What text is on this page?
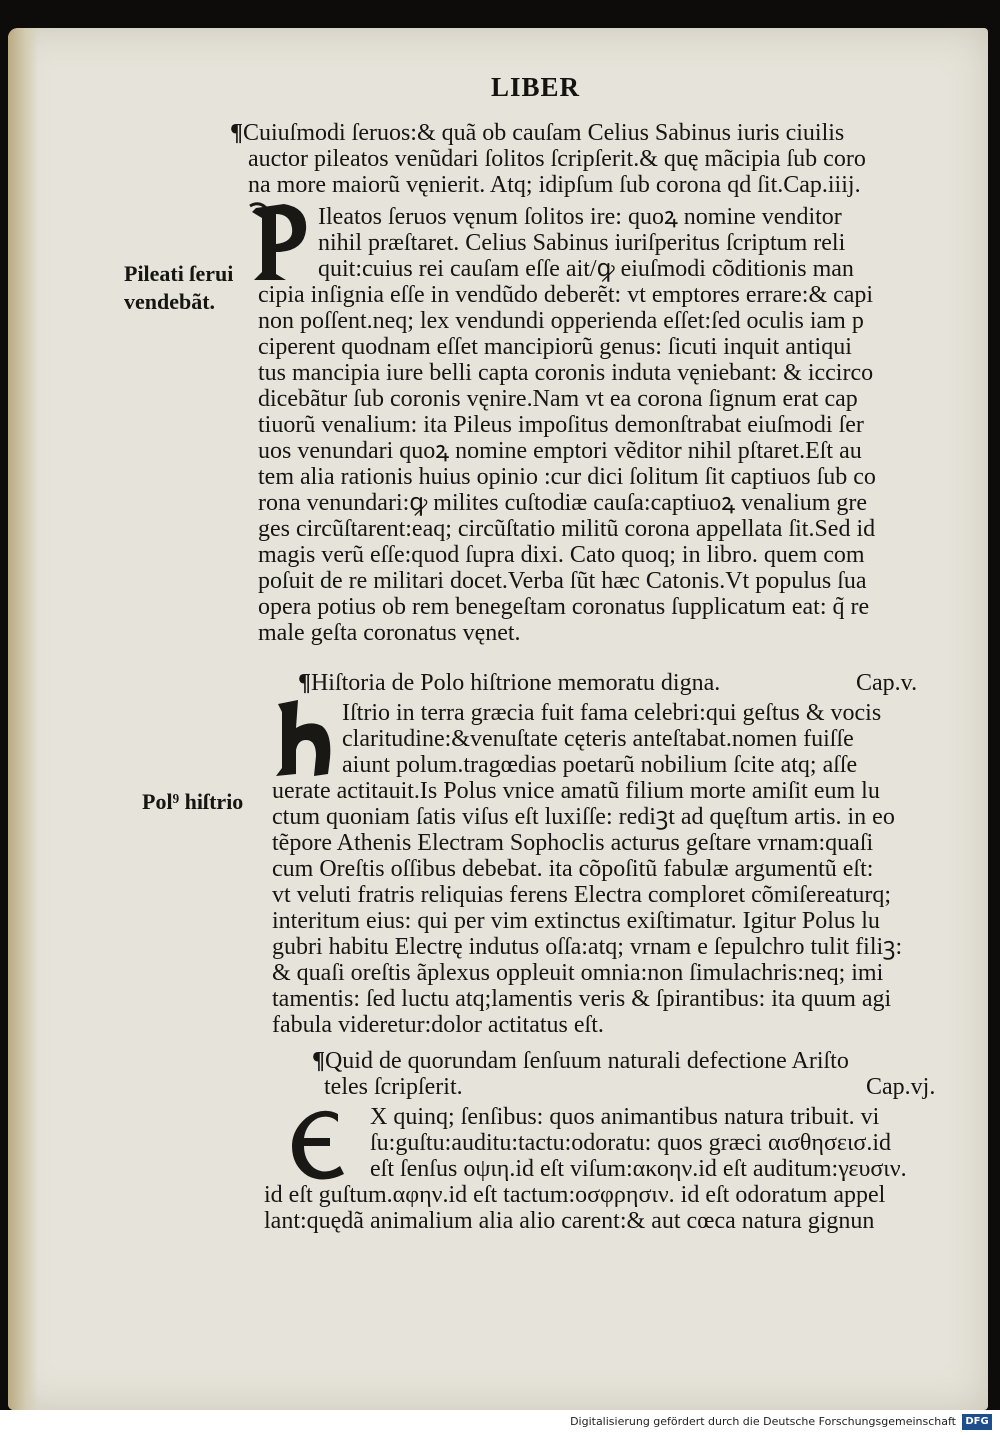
LIBER
¶Cuiuſmodi ſeruos:& quã ob cauſam Celius Sabinus iuris ciuilis
auctor pileatos venũdari ſolitos ſcripſerit.& quę mãcipia ſub coro
na more maiorũ vęnierit. Atq; idipſum ſub corona qd ſit.Cap.iiij.
Ileatos ſeruos vęnum ſolitos ire: quoꝝ nomine venditor
nihil præſtaret. Celius Sabinus iuriſperitus ſcriptum reli
quit:cuius rei cauſam eſſe ait/ꝙ eiuſmodi cõditionis man
cipia inſignia eſſe in vendũdo deberẽt: vt emptores errare:& capi
non poſſent.neq; lex vendundi opperienda eſſet:ſed oculis iam p
ciperent quodnam eſſet mancipiorũ genus: ſicuti inquit antiqui
tus mancipia iure belli capta coronis induta vęniebant: & iccirco
dicebãtur ſub coronis vęnire.Nam vt ea corona ſignum erat cap
tiuorũ venalium: ita Pileus impoſitus demonſtrabat eiuſmodi ſer
uos venundari quoꝝ nomine emptori vẽditor nihil pſtaret.Eſt au
tem alia rationis huius opinio :cur dici ſolitum ſit captiuos ſub co
rona venundari:ꝙ milites cuſtodiæ cauſa:captiuoꝝ venalium gre
ges circũſtarent:eaq; circũſtatio militũ corona appellata ſit.Sed id
magis verũ eſſe:quod ſupra dixi. Cato quoq; in libro. quem com
poſuit de re militari docet.Verba ſũt hæc Catonis.Vt populus ſua
opera potius ob rem benegeſtam coronatus ſupplicatum eat: q̃ re
male geſta coronatus vęnet.
Pileati ſerui
vendebãt.
¶Hiſtoria de Polo hiſtrione memoratu digna.	Cap.v.
Iſtrio in terra græcia fuit fama celebri:qui geſtus & vocis
claritudine:&venuſtate cęteris anteſtabat.nomen fuiſſe
aiunt polum.tragœdias poetarũ nobilium ſcite atq; aſſe
uerate actitauit.Is Polus vnice amatũ filium morte amiſit eum lu
ctum quoniam ſatis viſus eſt luxiſſe: rediꝫt ad quęſtum artis. in eo
tẽpore Athenis Electram Sophoclis acturus geſtare vrnam:quaſi
cum Oreſtis oſſibus debebat. ita cõpoſitũ fabulæ argumentũ eſt:
vt veluti fratris reliquias ferens Electra comploret cõmiſereaturq;
interitum eius: qui per vim extinctus exiſtimatur. Igitur Polus lu
gubri habitu Electrę indutus oſſa:atq; vrnam e ſepulchro tulit filiꝫ:
& quaſi oreſtis ãplexus oppleuit omnia:non ſimulachris:neq; imi
tamentis: ſed luctu atq;lamentis veris & ſpirantibus: ita quum agi
fabula videretur:dolor actitatus eſt.
Pol⁹ hiſtrio
¶Quid de quorundam ſenſuum naturali defectione Ariſto
teles ſcripſerit.	Cap.vj.
X quinq; ſenſibus: quos animantibus natura tribuit. vi
ſu:guſtu:auditu:tactu:odoratu: quos græci αισθησεισ.id
eſt ſenſus οψιη.id eſt viſum:ακοην.id eſt auditum:γευσιν.
id eſt guſtum.αφην.id eſt tactum:οσφρησιν. id eſt odoratum appel
lant:quędã animalium alia alio carent:& aut cœca natura gignun
Digitalisierung gefördert durch die Deutsche Forschungsgemeinschaft DFG
